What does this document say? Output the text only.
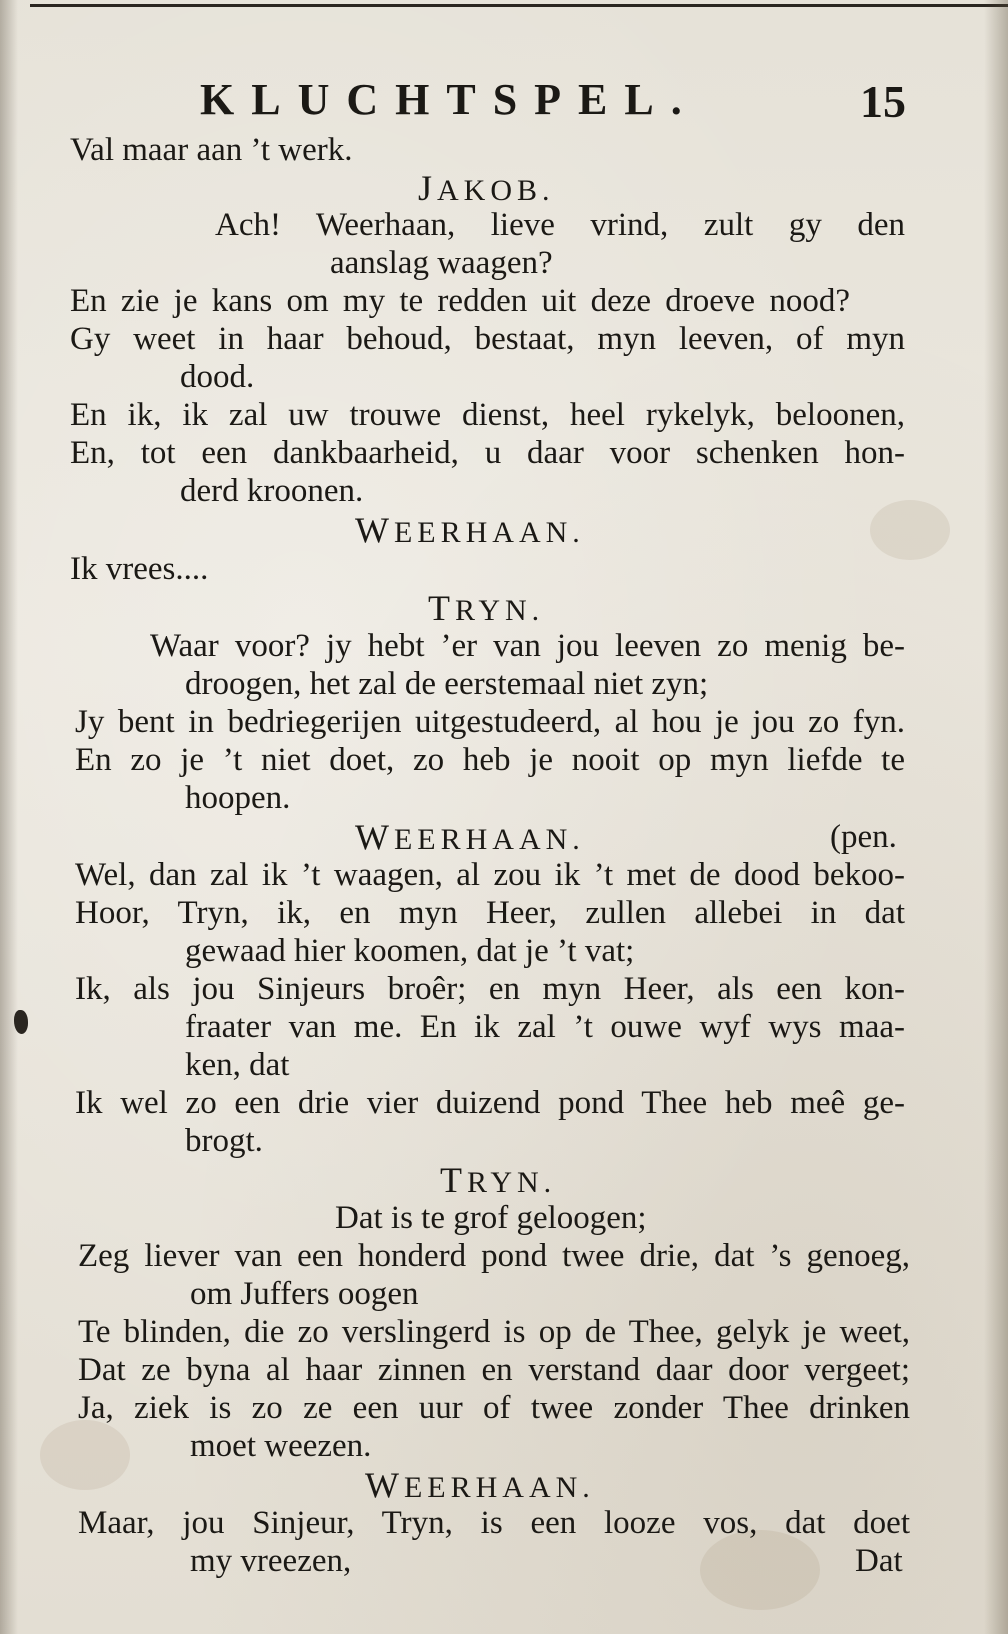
KLUCHTSPEL.	15
Val maar aan ’t werk.
JAKOB.
Ach! Weerhaan, lieve vrind, zult gy den
aanslag waagen?
En zie je kans om my te redden uit deze droeve nood?
Gy weet in haar behoud, bestaat, myn leeven, of myn
dood.
En ik, ik zal uw trouwe dienst, heel rykelyk, beloonen,
En, tot een dankbaarheid, u daar voor schenken hon-
derd kroonen.
WEERHAAN.
Ik vrees....
TRYN.
Waar voor? jy hebt ’er van jou leeven zo menig be-
droogen, het zal de eerstemaal niet zyn;
Jy bent in bedriegerijen uitgestudeerd, al hou je jou zo fyn.
En zo je ’t niet doet, zo heb je nooit op myn liefde te
hoopen.
WEERHAAN.	(pen.
Wel, dan zal ik ’t waagen, al zou ik ’t met de dood bekoo-
Hoor, Tryn, ik, en myn Heer, zullen allebei in dat
gewaad hier koomen, dat je ’t vat;
Ik, als jou Sinjeurs broêr; en myn Heer, als een kon-
fraater van me. En ik zal ’t ouwe wyf wys maa-
ken, dat
Ik wel zo een drie vier duizend pond Thee heb meê ge-
brogt.
TRYN.
Dat is te grof geloogen;
Zeg liever van een honderd pond twee drie, dat ’s genoeg,
om Juffers oogen
Te blinden, die zo verslingerd is op de Thee, gelyk je weet,
Dat ze byna al haar zinnen en verstand daar door vergeet;
Ja, ziek is zo ze een uur of twee zonder Thee drinken
moet weezen.
WEERHAAN.
Maar, jou Sinjeur, Tryn, is een looze vos, dat doet
my vreezen,	Dat
